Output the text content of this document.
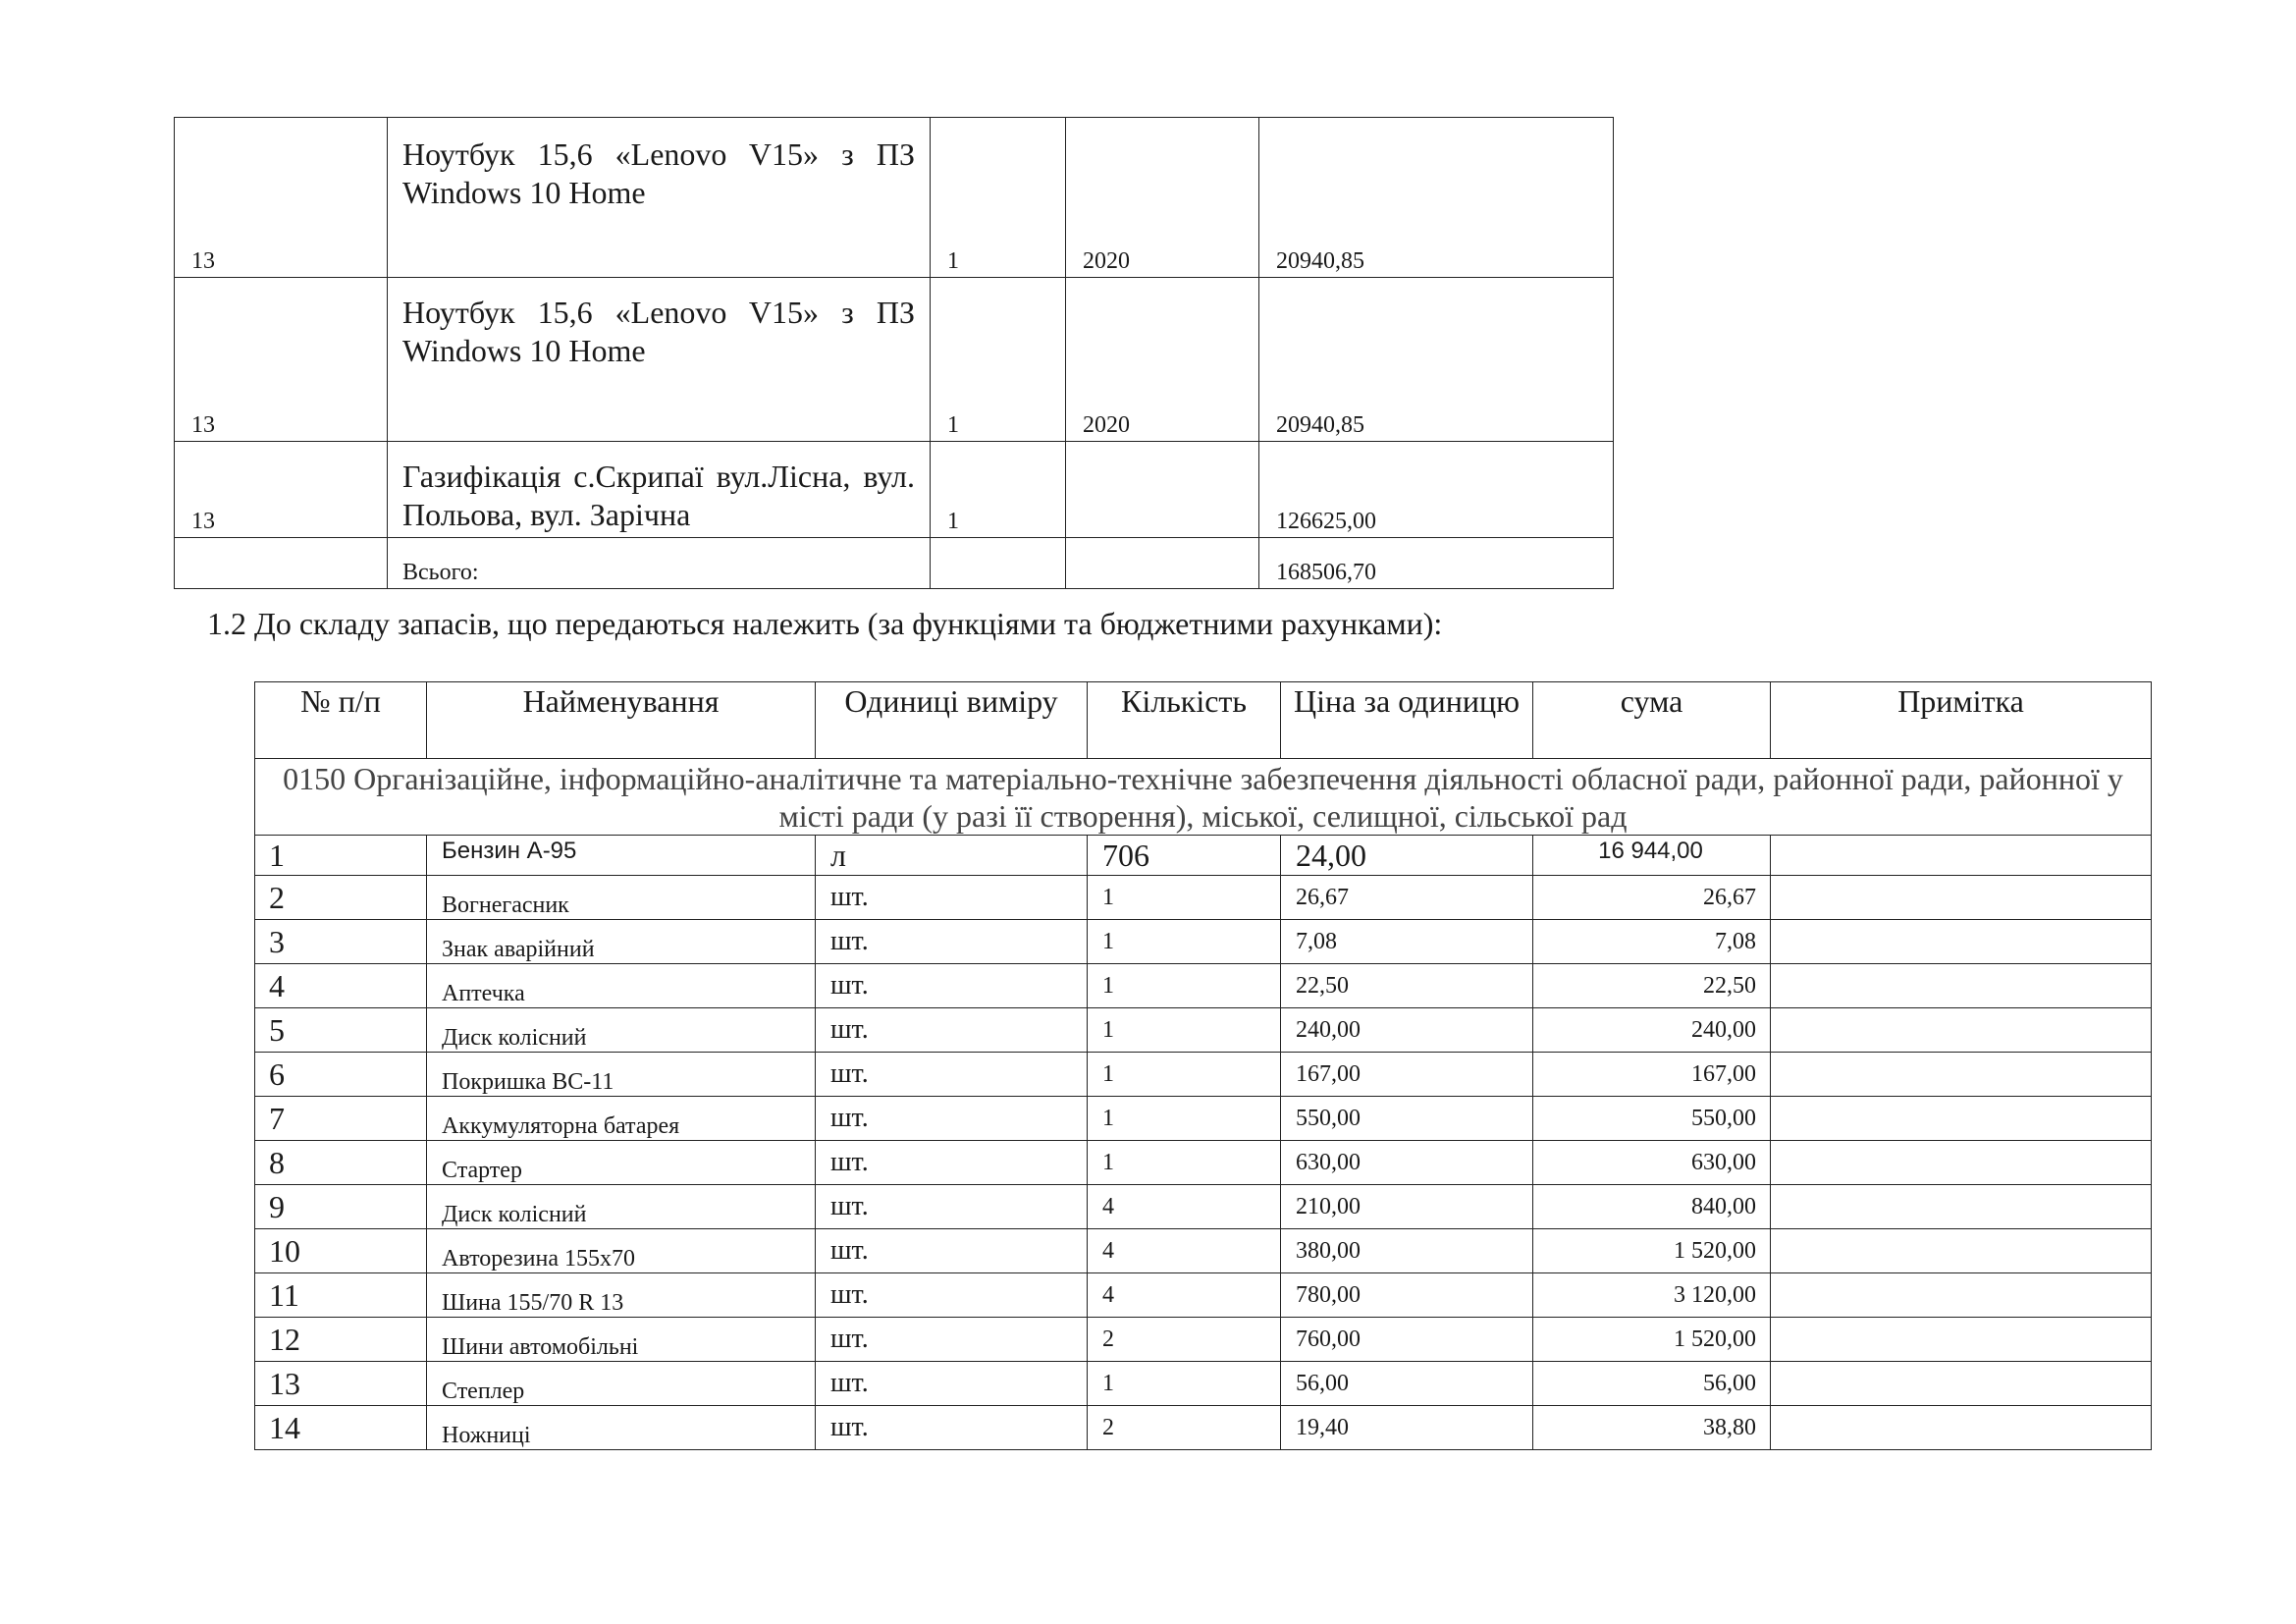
13	Ноутбук 15,6 «Lenovo V15» з ПЗ Windows 10 Home	1	2020	20940,85
13	Ноутбук 15,6 «Lenovo V15» з ПЗ Windows 10 Home	1	2020	20940,85
13	Газифікація с.Скрипаї вул.Лісна, вул. Польова, вул. Зарічна	1		126625,00
	Всього:			168506,70

1.2 До складу запасів, що передаються належить (за функціями та бюджетними рахунками):

№ п/п	Найменування	Одиниці виміру	Кількість	Ціна за одиницю	сума	Примітка
0150 Організаційне, інформаційно-аналітичне та матеріально-технічне забезпечення діяльності обласної ради, районної ради, районної у місті ради (у разі її створення), міської, селищної, сільської рад						
1	Бензин А-95	л	706	24,00	16 944,00	
2	Вогнегасник	шт.	1	26,67	26,67	
3	Знак аварійний	шт.	1	7,08	7,08	
4	Аптечка	шт.	1	22,50	22,50	
5	Диск колісний	шт.	1	240,00	240,00	
6	Покришка ВС-11	шт.	1	167,00	167,00	
7	Аккумуляторна батарея	шт.	1	550,00	550,00	
8	Стартер	шт.	1	630,00	630,00	
9	Диск колісний	шт.	4	210,00	840,00	
10	Авторезина 155х70	шт.	4	380,00	1 520,00	
11	Шина 155/70 R 13	шт.	4	780,00	3 120,00	
12	Шини автомобільні	шт.	2	760,00	1 520,00	
13	Степлер	шт.	1	56,00	56,00	
14	Ножниці	шт.	2	19,40	38,80	
